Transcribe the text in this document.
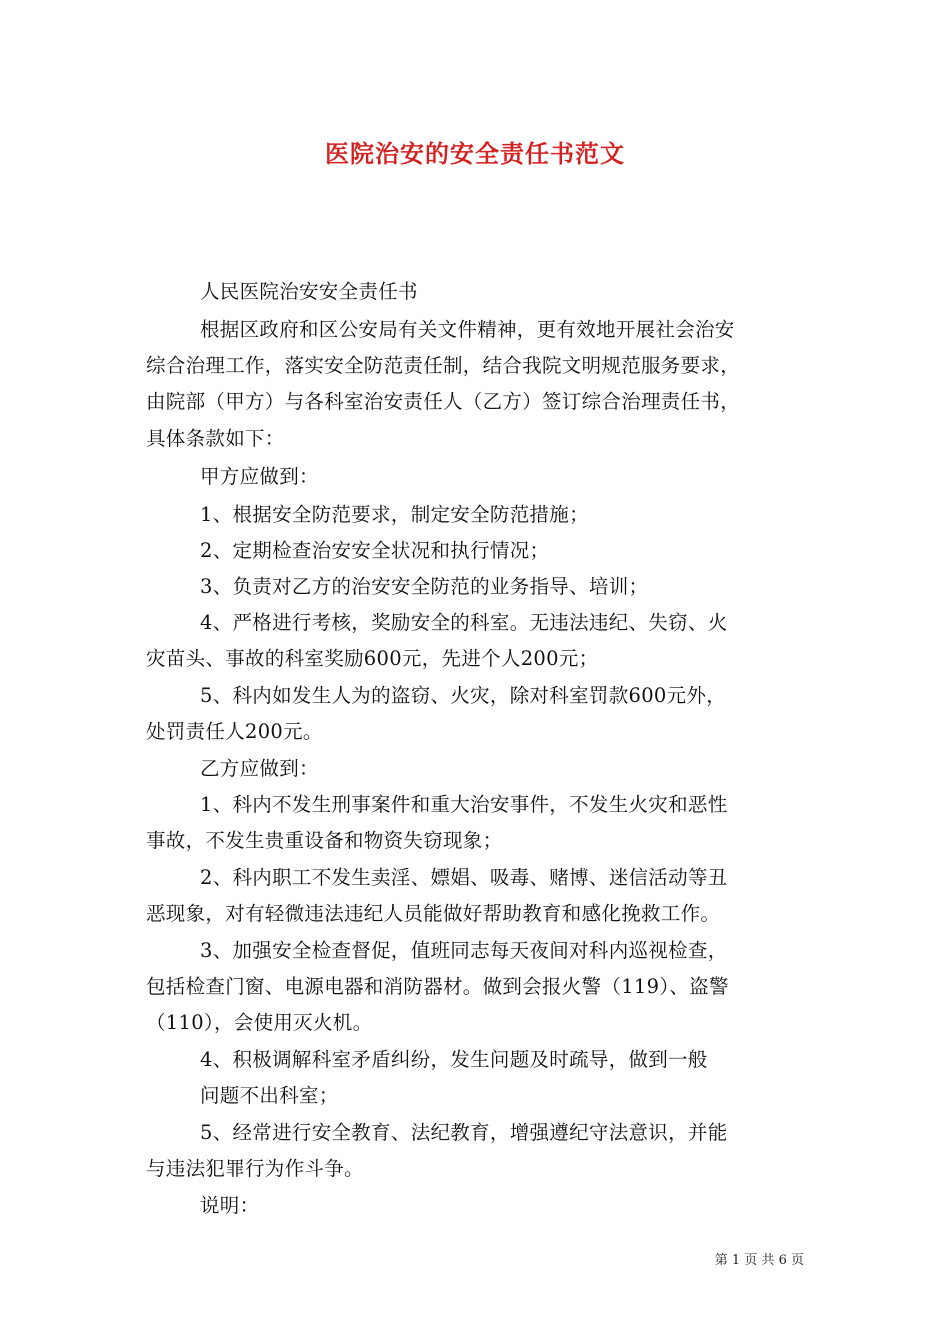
医院治安的安全责任书范文
人民医院治安安全责任书
根据区政府和区公安局有关文件精神，更有效地开展社会治安
综合治理工作，落实安全防范责任制，结合我院文明规范服务要求，
由院部（甲方）与各科室治安责任人（乙方）签订综合治理责任书，
具体条款如下：
甲方应做到：
1、根据安全防范要求，制定安全防范措施；
2、定期检查治安安全状况和执行情况；
3、负责对乙方的治安安全防范的业务指导、培训；
4、严格进行考核，奖励安全的科室。无违法违纪、失窃、火
灾苗头、事故的科室奖励600元，先进个人200元；
5、科内如发生人为的盗窃、火灾，除对科室罚款600元外，
处罚责任人200元。
乙方应做到：
1、科内不发生刑事案件和重大治安事件，不发生火灾和恶性
事故，不发生贵重设备和物资失窃现象；
2、科内职工不发生卖淫、嫖娼、吸毒、赌博、迷信活动等丑
恶现象，对有轻微违法违纪人员能做好帮助教育和感化挽救工作。
3、加强安全检查督促，值班同志每天夜间对科内巡视检查，
包括检查门窗、电源电器和消防器材。做到会报火警（119）、盗警
（110），会使用灭火机。
4、积极调解科室矛盾纠纷，发生问题及时疏导，做到一般
问题不出科室；
5、经常进行安全教育、法纪教育，增强遵纪守法意识，并能
与违法犯罪行为作斗争。
说明：
第 1 页 共 6 页
